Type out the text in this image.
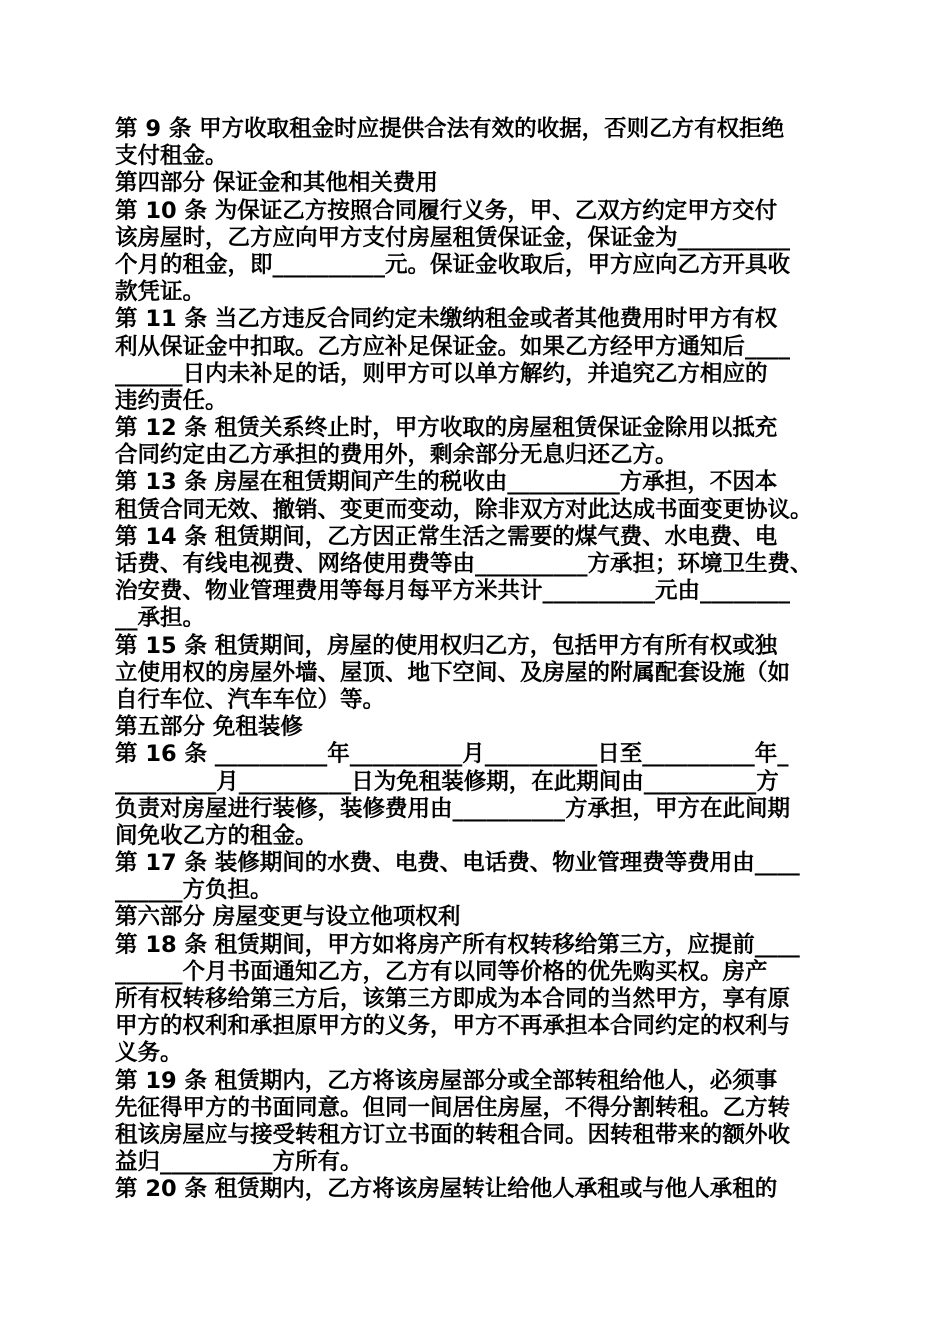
第 9 条 甲方收取租金时应提供合法有效的收据，否则乙方有权拒绝
支付租金。
第四部分 保证金和其他相关费用
第 10 条 为保证乙方按照合同履行义务，甲、乙双方约定甲方交付
该房屋时，乙方应向甲方支付房屋租赁保证金，保证金为__________
个月的租金，即__________元。保证金收取后，甲方应向乙方开具收
款凭证。
第 11 条 当乙方违反合同约定未缴纳租金或者其他费用时甲方有权
利从保证金中扣取。乙方应补足保证金。如果乙方经甲方通知后____
______日内未补足的话，则甲方可以单方解约，并追究乙方相应的
违约责任。
第 12 条 租赁关系终止时，甲方收取的房屋租赁保证金除用以抵充
合同约定由乙方承担的费用外，剩余部分无息归还乙方。
第 13 条 房屋在租赁期间产生的税收由__________方承担，不因本
租赁合同无效、撤销、变更而变动，除非双方对此达成书面变更协议。
第 14 条 租赁期间，乙方因正常生活之需要的煤气费、水电费、电
话费、有线电视费、网络使用费等由__________方承担；环境卫生费、
治安费、物业管理费用等每月每平方米共计__________元由________
__承担。
第 15 条 租赁期间，房屋的使用权归乙方，包括甲方有所有权或独
立使用权的房屋外墙、屋顶、地下空间、及房屋的附属配套设施（如
自行车位、汽车车位）等。
第五部分 免租装修
第 16 条 __________年__________月__________日至__________年_
_________月__________日为免租装修期，在此期间由__________方
负责对房屋进行装修，装修费用由__________方承担，甲方在此间期
间免收乙方的租金。
第 17 条 装修期间的水费、电费、电话费、物业管理费等费用由____
______方负担。
第六部分 房屋变更与设立他项权利
第 18 条 租赁期间，甲方如将房产所有权转移给第三方，应提前____
______个月书面通知乙方，乙方有以同等价格的优先购买权。房产
所有权转移给第三方后，该第三方即成为本合同的当然甲方，享有原
甲方的权利和承担原甲方的义务，甲方不再承担本合同约定的权利与
义务。
第 19 条 租赁期内，乙方将该房屋部分或全部转租给他人，必须事
先征得甲方的书面同意。但同一间居住房屋，不得分割转租。乙方转
租该房屋应与接受转租方订立书面的转租合同。因转租带来的额外收
益归__________方所有。
第 20 条 租赁期内，乙方将该房屋转让给他人承租或与他人承租的
